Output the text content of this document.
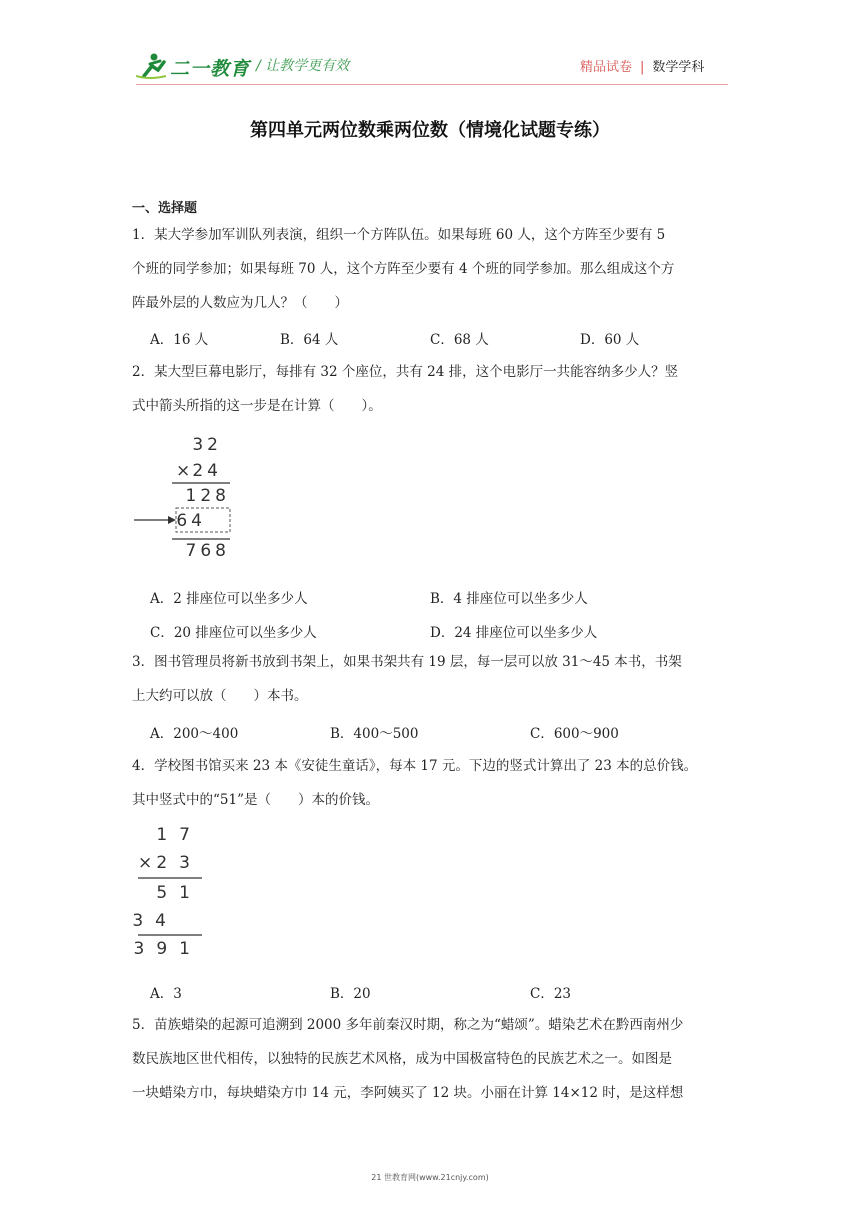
二一教育 / 让教学更有效	精品试卷 | 数学学科
第四单元两位数乘两位数（情境化试题专练）
一、选择题
1．某大学参加军训队列表演，组织一个方阵队伍。如果每班 60 人，这个方阵至少要有 5
个班的同学参加；如果每班 70 人，这个方阵至少要有 4 个班的同学参加。那么组成这个方
阵最外层的人数应为几人？（　　）
A．16 人	B．64 人	C．68 人	D．60 人
2．某大型巨幕电影厅，每排有 32 个座位，共有 24 排，这个电影厅一共能容纳多少人？竖
式中箭头所指的这一步是在计算（　　）。
32
× 24
128
64
768
A．2 排座位可以坐多少人	B．4 排座位可以坐多少人
C．20 排座位可以坐多少人	D．24 排座位可以坐多少人
3．图书管理员将新书放到书架上，如果书架共有 19 层，每一层可以放 31～45 本书，书架
上大约可以放（　　）本书。
A．200～400	B．400～500	C．600～900
4．学校图书馆买来 23 本《安徒生童话》，每本 17 元。下边的竖式计算出了 23 本的总价钱。
其中竖式中的“51”是（　　）本的价钱。
17
× 23
51
34
391
A．3	B．20	C．23
5．苗族蜡染的起源可追溯到 2000 多年前秦汉时期，称之为“蜡颂”。蜡染艺术在黔西南州少
数民族地区世代相传，以独特的民族艺术风格，成为中国极富特色的民族艺术之一。如图是
一块蜡染方巾，每块蜡染方巾 14 元，李阿姨买了 12 块。小丽在计算 14×12 时，是这样想
21 世教育网(www.21cnjy.com)
